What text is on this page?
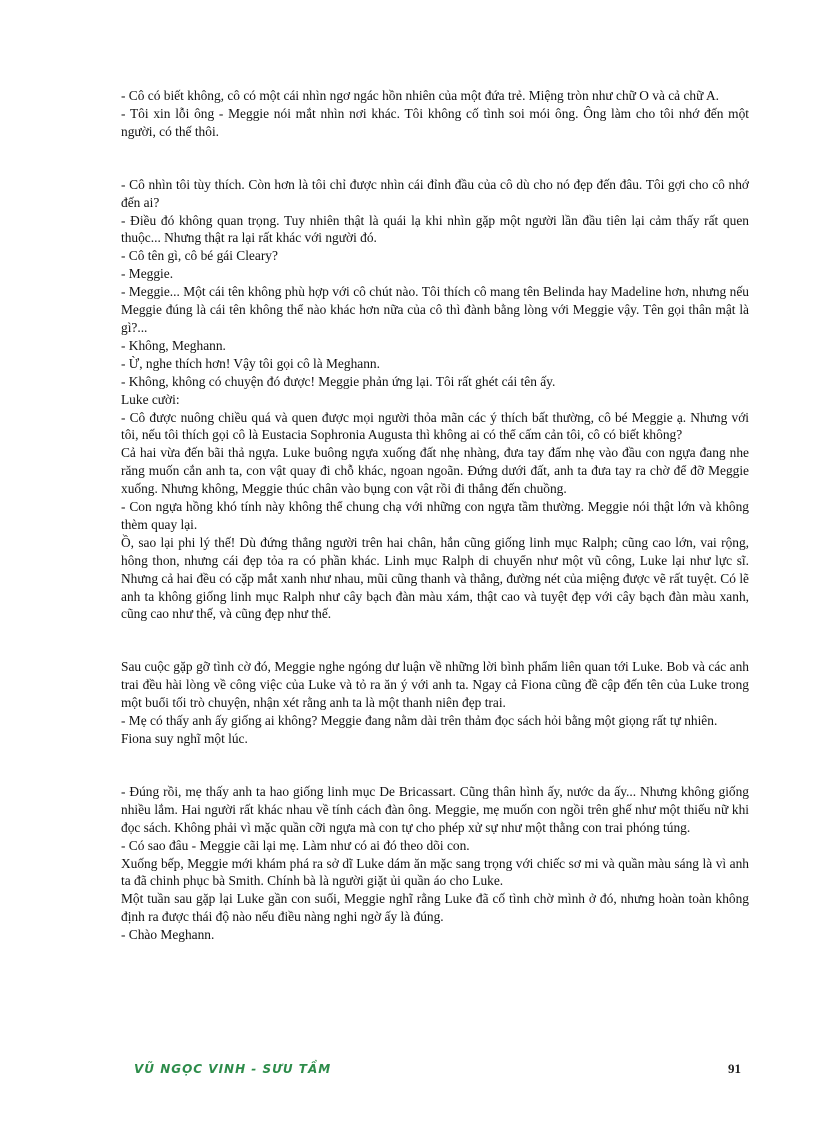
- Cô có biết không, cô có một cái nhìn ngơ ngác hồn nhiên của một đứa trẻ. Miệng tròn như chữ O và cả chữ A.

- Tôi xin lỗi ông - Meggie nói mắt nhìn nơi khác. Tôi không cố tình soi mói ông. Ông làm cho tôi nhớ đến một người, có thế thôi.

- Cô nhìn tôi tùy thích. Còn hơn là tôi chỉ được nhìn cái đỉnh đầu của cô dù cho nó đẹp đến đâu. Tôi gợi cho cô nhớ đến ai?

- Điều đó không quan trọng. Tuy nhiên thật là quái lạ khi nhìn gặp một người lần đầu tiên lại cảm thấy rất quen thuộc... Nhưng thật ra lại rất khác với người đó.

- Cô tên gì, cô bé gái Cleary?

- Meggie.

- Meggie... Một cái tên không phù hợp với cô chút nào. Tôi thích cô mang tên Belinda hay Madeline hơn, nhưng nếu Meggie đúng là cái tên không thể nào khác hơn nữa của cô thì đành bằng lòng với Meggie vậy. Tên gọi thân mật là gì?...

- Không, Meghann.

- Ừ, nghe thích hơn! Vậy tôi gọi cô là Meghann.

- Không, không có chuyện đó được! Meggie phản ứng lại. Tôi rất ghét cái tên ấy.

Luke cười:

- Cô được nuông chiều quá và quen được mọi người thỏa mãn các ý thích bất thường, cô bé Meggie ạ. Nhưng với tôi, nếu tôi thích gọi cô là Eustacia Sophronia Augusta thì không ai có thể cấm cản tôi, cô có biết không?

Cả hai vừa đến bãi thả ngựa. Luke buông ngựa xuống đất nhẹ nhàng, đưa tay đấm nhẹ vào đầu con ngựa đang nhe răng muốn cắn anh ta, con vật quay đi chỗ khác, ngoan ngoãn. Đứng dưới đất, anh ta đưa tay ra chờ để đỡ Meggie xuống. Nhưng không, Meggie thúc chân vào bụng con vật rồi đi thẳng đến chuồng.

- Con ngựa hồng khó tính này không thể chung chạ với những con ngựa tầm thường. Meggie nói thật lớn và không thèm quay lại.

Ồ, sao lại phi lý thế! Dù đứng thẳng người trên hai chân, hắn cũng giống linh mục Ralph; cũng cao lớn, vai rộng, hông thon, nhưng cái đẹp tỏa ra có phần khác. Linh mục Ralph di chuyển như một vũ công, Luke lại như lực sĩ. Nhưng cả hai đều có cặp mắt xanh như nhau, mũi cũng thanh và thẳng, đường nét của miệng được vẽ rất tuyệt. Có lẽ anh ta không giống linh mục Ralph như cây bạch đàn màu xám, thật cao và tuyệt đẹp với cây bạch đàn màu xanh, cũng cao như thế, và cũng đẹp như thế.

Sau cuộc gặp gỡ tình cờ đó, Meggie nghe ngóng dư luận về những lời bình phẩm liên quan tới Luke. Bob và các anh trai đều hài lòng về công việc của Luke và tỏ ra ăn ý với anh ta. Ngay cả Fiona cũng đề cập đến tên của Luke trong một buổi tối trò chuyện, nhận xét rằng anh ta là một thanh niên đẹp trai.

- Mẹ có thấy anh ấy giống ai không? Meggie đang nằm dài trên thảm đọc sách hỏi bằng một giọng rất tự nhiên.

Fiona suy nghĩ một lúc.

- Đúng rồi, mẹ thấy anh ta hao giống linh mục De Bricassart. Cũng thân hình ấy, nước da ấy... Nhưng không giống nhiều lắm. Hai người rất khác nhau về tính cách đàn ông. Meggie, mẹ muốn con ngồi trên ghế như một thiếu nữ khi đọc sách. Không phải vì mặc quần cỡi ngựa mà con tự cho phép xử sự như một thằng con trai phóng túng.

- Có sao đâu - Meggie cãi lại mẹ. Làm như có ai đó theo dõi con.

Xuống bếp, Meggie mới khám phá ra sở dĩ Luke dám ăn mặc sang trọng với chiếc sơ mi và quần màu sáng là vì anh ta đã chinh phục bà Smith. Chính bà là người giặt ủi quần áo cho Luke.

Một tuần sau gặp lại Luke gần con suối, Meggie nghĩ rằng Luke đã cố tình chờ mình ở đó, nhưng hoàn toàn không định ra được thái độ nào nếu điều nàng nghi ngờ ấy là đúng.

- Chào Meghann.

VŨ NGỌC VINH - SƯU TẦM	91
